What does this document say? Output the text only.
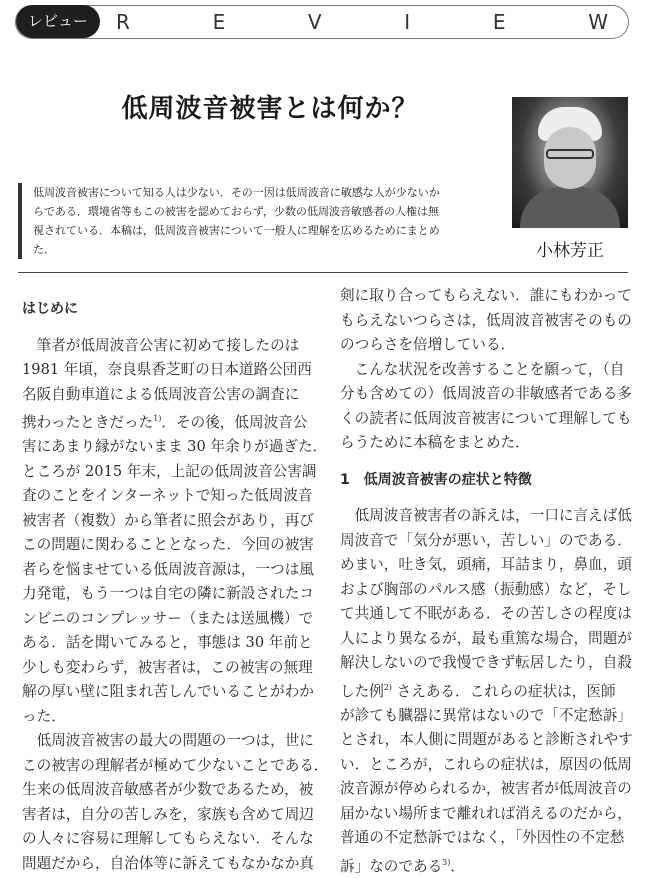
レビュー	R	E	V	I	E	W
低周波音被害とは何か？
小林芳正
低周波音被害について知る人は少ない．その一因は低周波音に敏感な人が少ないか
らである．環境省等もこの被害を認めておらず，少数の低周波音敏感者の人権は無
視されている．本稿は，低周波音被害について一般人に理解を広めるためにまとめ
た．
はじめに
　筆者が低周波音公害に初めて接したのは
1981 年頃，奈良県香芝町の日本道路公団西
名阪自動車道による低周波音公害の調査に
携わったときだった$^{1)}$．その後，低周波音公
害にあまり縁がないまま 30 年余りが過ぎた．
ところが 2015 年末，上記の低周波音公害調
査のことをインターネットで知った低周波音
被害者（複数）から筆者に照会があり，再び
この問題に関わることとなった．今回の被害
者らを悩ませている低周波音源は，一つは風
力発電，もう一つは自宅の隣に新設されたコ
ンビニのコンプレッサー（または送風機）で
ある．話を聞いてみると，事態は 30 年前と
少しも変わらず，被害者は，この被害の無理
解の厚い壁に阻まれ苦しんでいることがわか
った．
　低周波音被害の最大の問題の一つは，世に
この被害の理解者が極めて少ないことである．
生来の低周波音敏感者が少数であるため，被
害者は，自分の苦しみを，家族も含めて周辺
の人々に容易に理解してもらえない．そんな
問題だから，自治体等に訴えてもなかなか真
剣に取り合ってもらえない．誰にもわかって
もらえないつらさは，低周波音被害そのもの
のつらさを倍増している．
　こんな状況を改善することを願って，（自
分も含めての）低周波音の非敏感者である多
くの読者に低周波音被害について理解しても
らうために本稿をまとめた．
1　低周波音被害の症状と特徴
　低周波音被害者の訴えは，一口に言えば低
周波音で「気分が悪い，苦しい」のである．
めまい，吐き気，頭痛，耳詰まり，鼻血，頭
および胸部のパルス感（振動感）など，そし
て共通して不眠がある．その苦しさの程度は
人により異なるが，最も重篤な場合，問題が
解決しないので我慢できず転居したり，自殺
した例$^{2)}$ さえある．これらの症状は，医師
が診ても臓器に異常はないので「不定愁訴」
とされ，本人側に問題があると診断されやす
い．ところが，これらの症状は，原因の低周
波音源が停められるか，被害者が低周波音の
届かない場所まで離れれば消えるのだから，
普通の不定愁訴ではなく，「外因性の不定愁
訴」なのである$^{3)}$．
